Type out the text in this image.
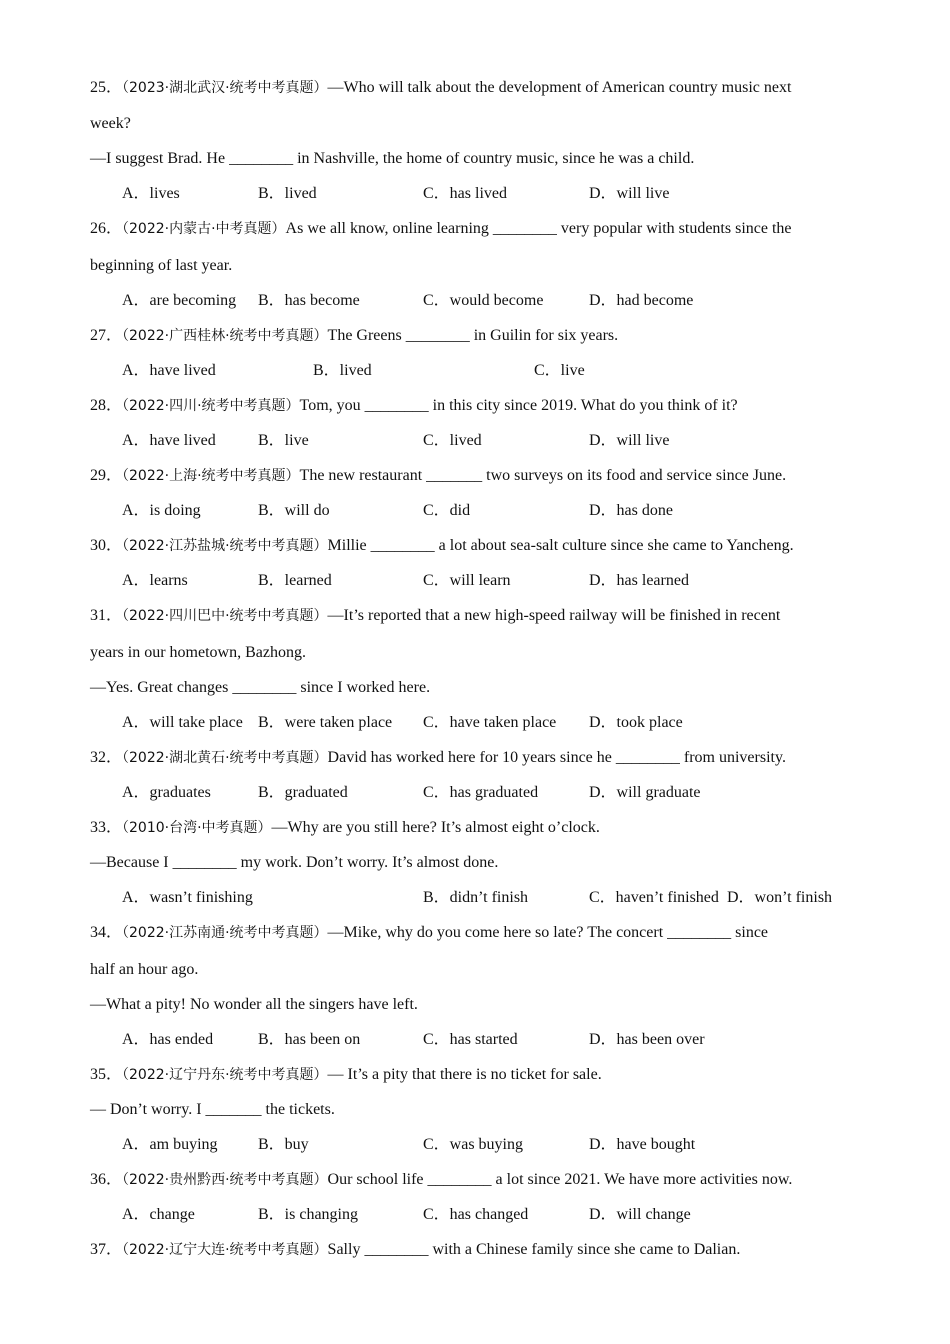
25．（2023·湖北武汉·统考中考真题）—Who will talk about the development of American country music next
week?
—I suggest Brad. He ________ in Nashville, the home of country music, since he was a child.
A．lives	B．lived	C．has lived	D．will live
26．（2022·内蒙古·中考真题）As we all know, online learning ________ very popular with students since the
beginning of last year.
A．are becoming B．has become	C．would become	D．had become
27．（2022·广西桂林·统考中考真题）The Greens ________ in Guilin for six years.
A．have lived	B．lived	C．live
28．（2022·四川·统考中考真题）Tom, you ________ in this city since 2019. What do you think of it?
A．have lived	B．live	C．lived	D．will live
29．（2022·上海·统考中考真题）The new restaurant _______ two surveys on its food and service since June.
A．is doing	B．will do	C．did	D．has done
30．（2022·江苏盐城·统考中考真题）Millie ________ a lot about sea-salt culture since she came to Yancheng.
A．learns	B．learned	C．will learn	D．has learned
31．（2022·四川巴中·统考中考真题）—It’s reported that a new high-speed railway will be finished in recent
years in our hometown, Bazhong.
—Yes. Great changes ________ since I worked here.
A．will take place B．were taken place C．have taken place D．took place
32．（2022·湖北黄石·统考中考真题）David has worked here for 10 years since he ________ from university.
A．graduates	B．graduated	C．has graduated	D．will graduate
33．（2010·台湾·中考真题）—Why are you still here? It’s almost eight o’clock.
—Because I ________ my work. Don’t worry. It’s almost done.
A．wasn’t finishing	B．didn’t finish	C．haven’t finished D．won’t finish
34．（2022·江苏南通·统考中考真题）—Mike, why do you come here so late? The concert ________ since
half an hour ago.
—What a pity! No wonder all the singers have left.
A．has ended	B．has been on	C．has started	D．has been over
35．（2022·辽宁丹东·统考中考真题）— It’s a pity that there is no ticket for sale.
— Don’t worry. I _______ the tickets.
A．am buying	B．buy	C．was buying	D．have bought
36．（2022·贵州黔西·统考中考真题）Our school life ________ a lot since 2021. We have more activities now.
A．change	B．is changing	C．has changed	D．will change
37．（2022·辽宁大连·统考中考真题）Sally ________ with a Chinese family since she came to Dalian.
